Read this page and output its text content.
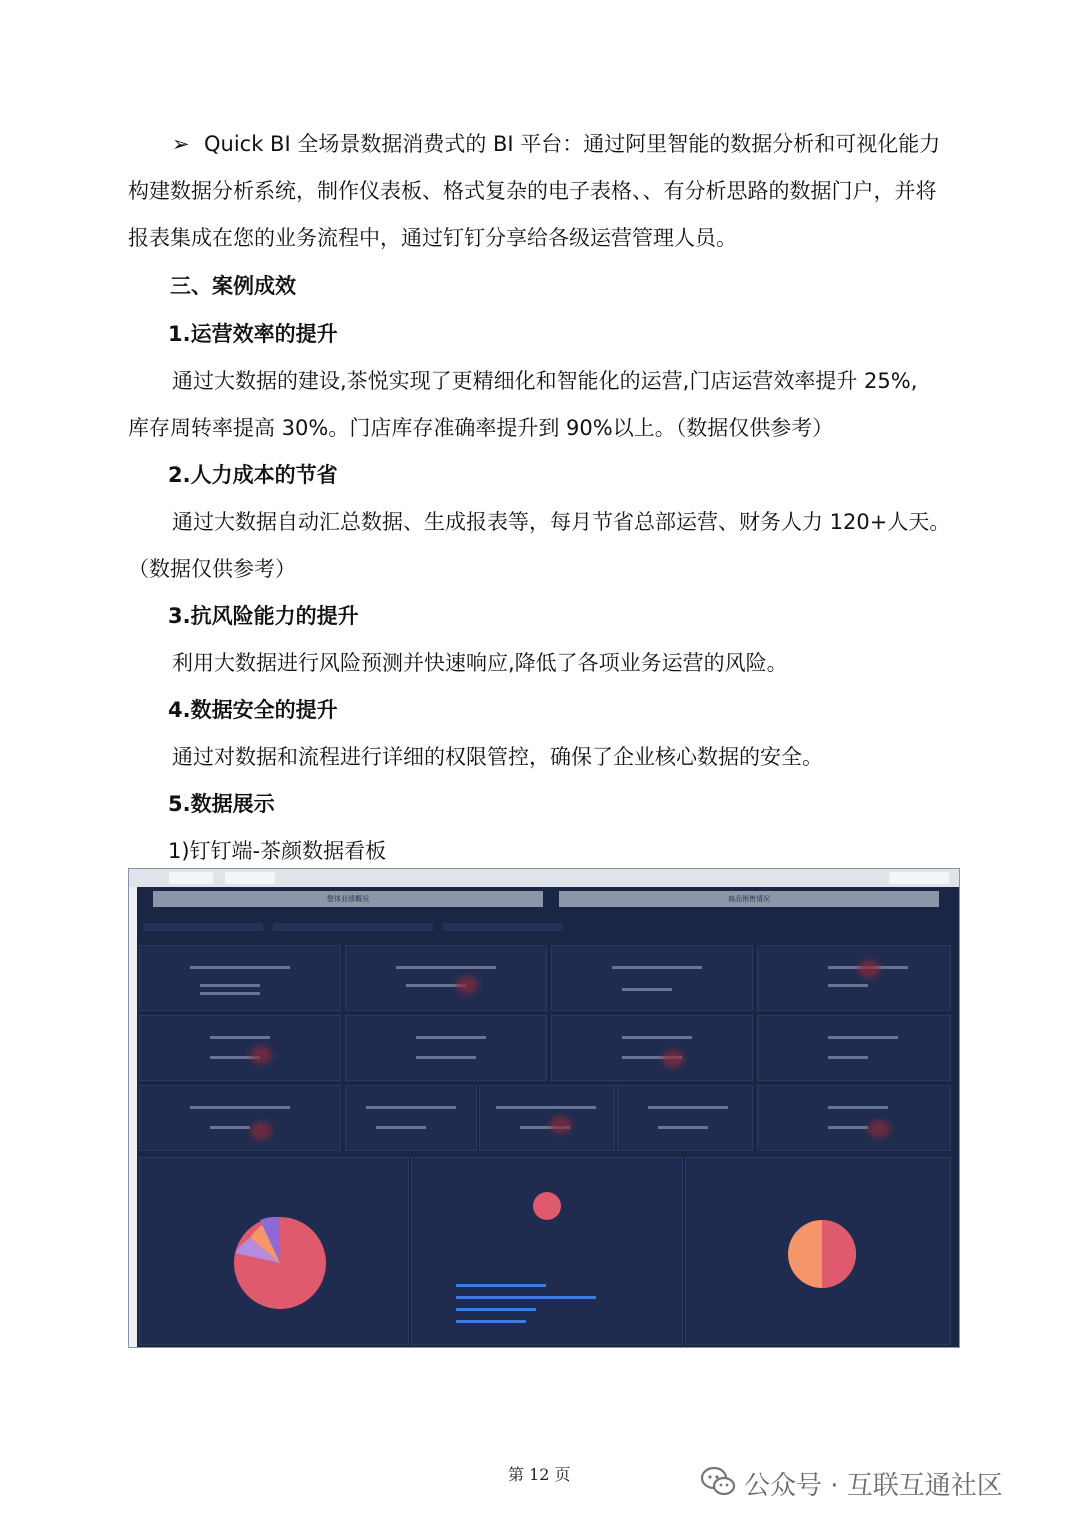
➢ Quick BI 全场景数据消费式的 BI 平台：通过阿里智能的数据分析和可视化能力构建数据分析系统，制作仪表板、格式复杂的电子表格、、有分析思路的数据门户，并将报表集成在您的业务流程中，通过钉钉分享给各级运营管理人员。
三、案例成效
1.运营效率的提升
通过大数据的建设,茶悦实现了更精细化和智能化的运营,门店运营效率提升 25%,
库存周转率提高 30%。门店库存准确率提升到 90%以上。（数据仅供参考）
2.人力成本的节省
通过大数据自动汇总数据、生成报表等，每月节省总部运营、财务人力 120+人天。
（数据仅供参考）
3.抗风险能力的提升
利用大数据进行风险预测并快速响应,降低了各项业务运营的风险。
4.数据安全的提升
通过对数据和流程进行详细的权限管控，确保了企业核心数据的安全。
5.数据展示
1)钉钉端-茶颜数据看板
整体业绩概况	商品销售情况
第 12 页	公众号 · 互联互通社区
